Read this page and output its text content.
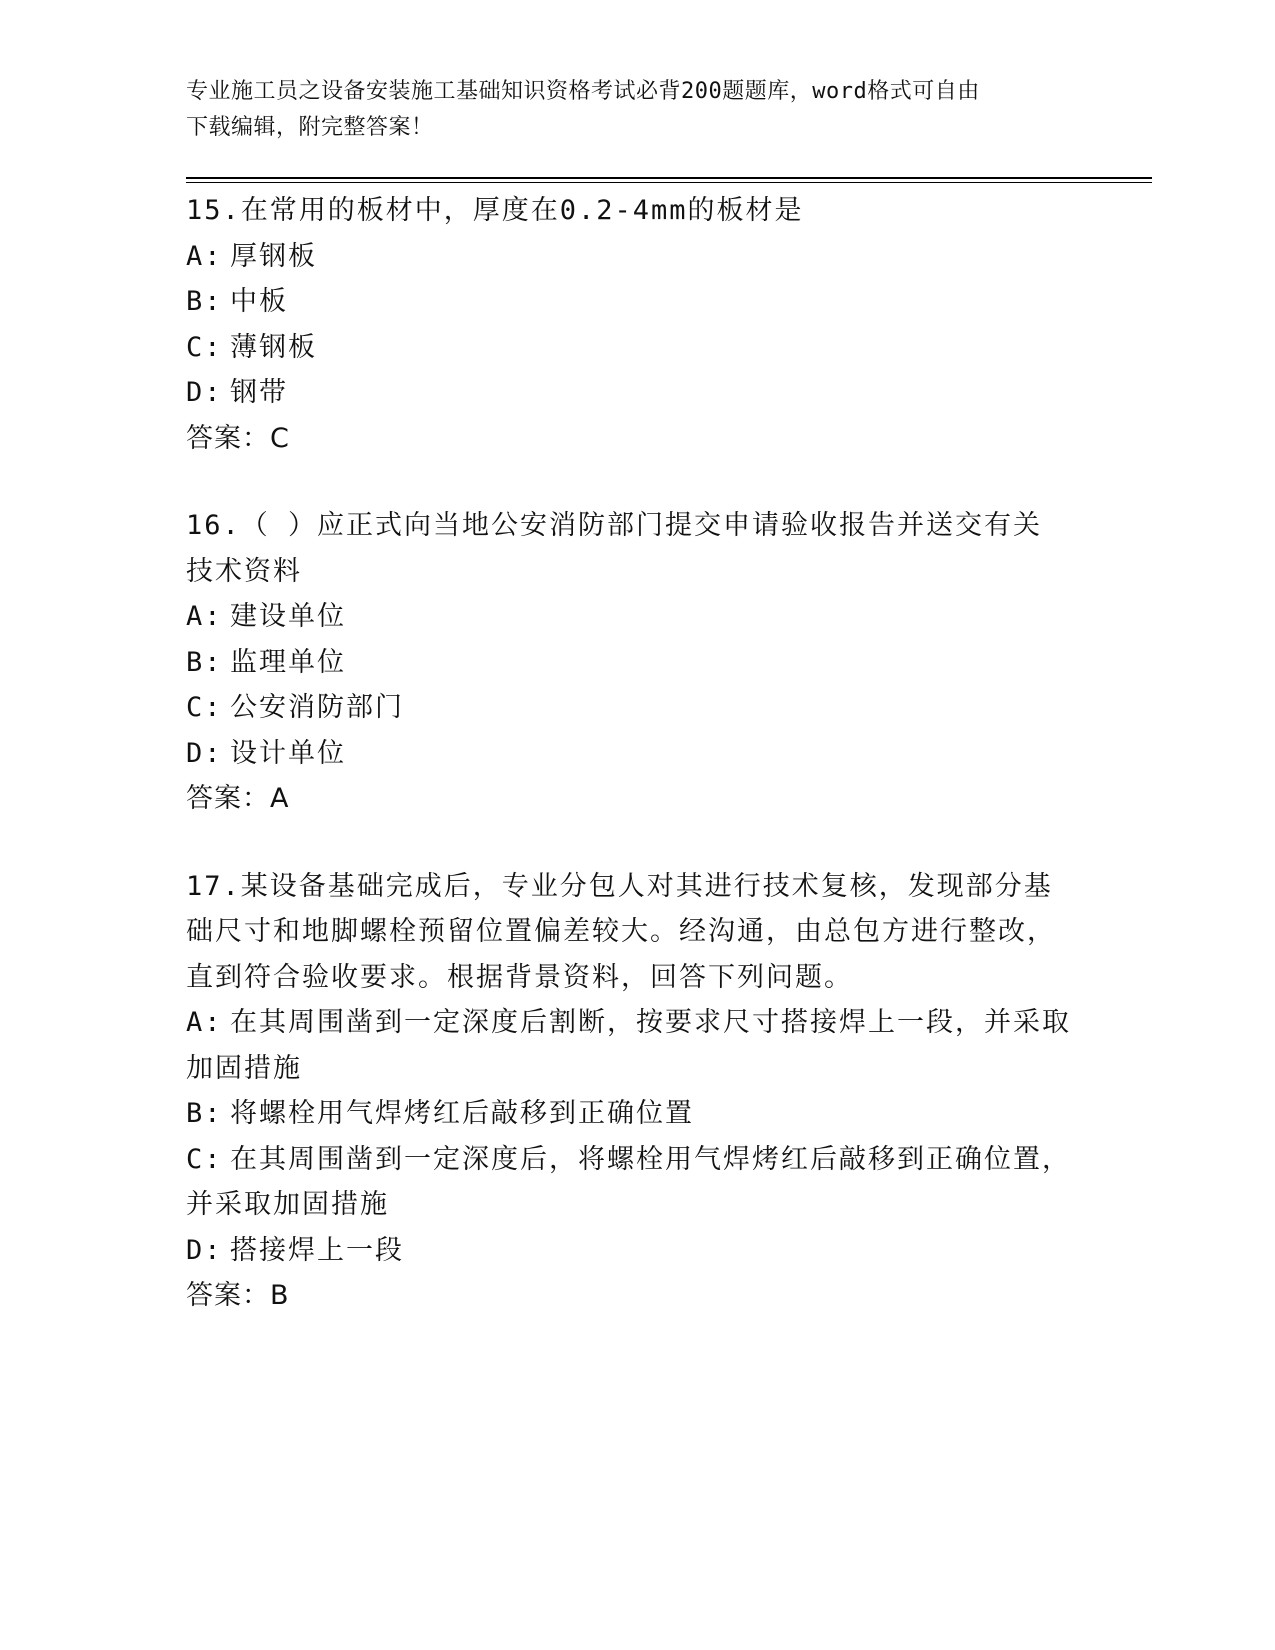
专业施工员之设备安装施工基础知识资格考试必背200题题库，word格式可自由
下载编辑，附完整答案！
15.在常用的板材中，厚度在0.2-4mm的板材是
A: 厚钢板
B: 中板
C: 薄钢板
D: 钢带
答案：C
16.（ ）应正式向当地公安消防部门提交申请验收报告并送交有关技术资料
A: 建设单位
B: 监理单位
C: 公安消防部门
D: 设计单位
答案：A
17.某设备基础完成后，专业分包人对其进行技术复核，发现部分基础尺寸和地脚螺栓预留位置偏差较大。经沟通，由总包方进行整改，直到符合验收要求。根据背景资料，回答下列问题。
A: 在其周围凿到一定深度后割断，按要求尺寸搭接焊上一段，并采取加固措施
B: 将螺栓用气焊烤红后敲移到正确位置
C: 在其周围凿到一定深度后，将螺栓用气焊烤红后敲移到正确位置，并采取加固措施
D: 搭接焊上一段
答案：B
